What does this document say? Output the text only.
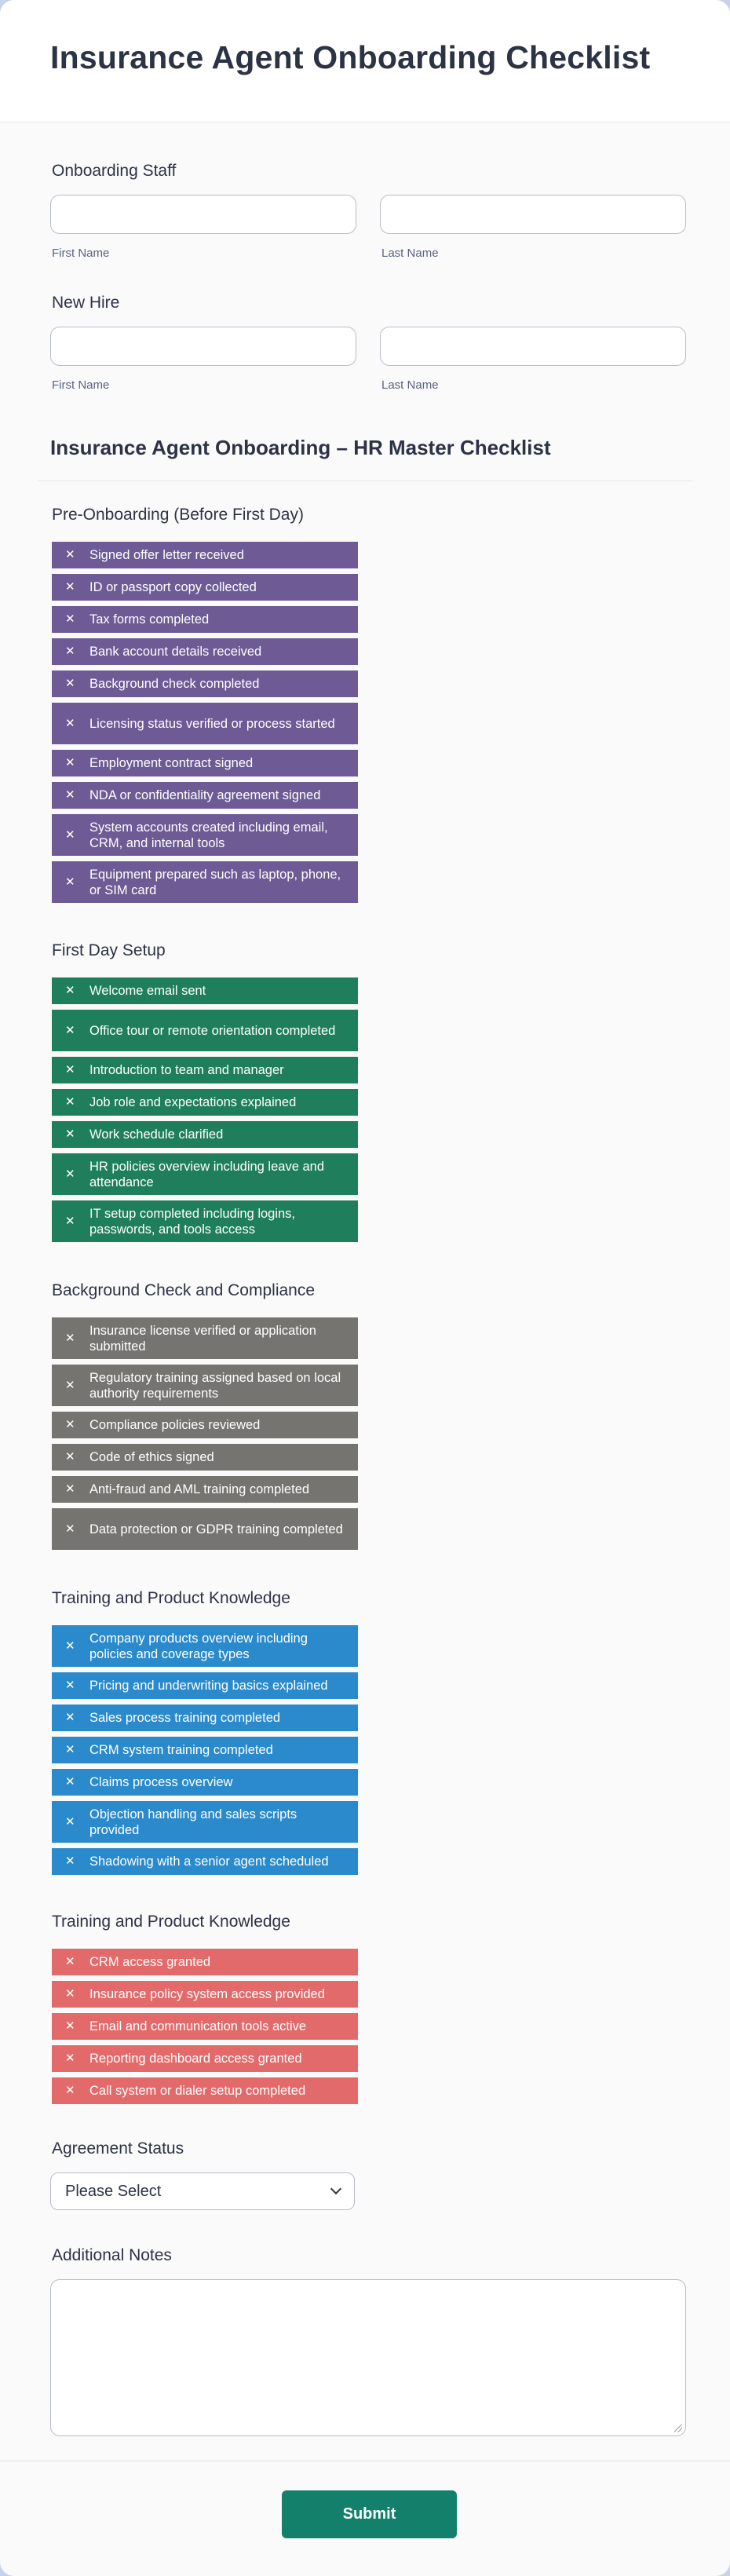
Insurance Agent Onboarding Checklist
Onboarding Staff
First Name	Last Name
New Hire
First Name	Last Name
Insurance Agent Onboarding – HR Master Checklist
Pre-Onboarding (Before First Day)
✕ Signed offer letter received
✕ ID or passport copy collected
✕ Tax forms completed
✕ Bank account details received
✕ Background check completed
✕ Licensing status verified or process started
✕ Employment contract signed
✕ NDA or confidentiality agreement signed
✕
System accounts created including email, CRM, and internal tools
✕
Equipment prepared such as laptop, phone, or SIM card
First Day Setup
✕ Welcome email sent
✕ Office tour or remote orientation completed
✕ Introduction to team and manager
✕ Job role and expectations explained
✕ Work schedule clarified
✕
HR policies overview including leave and attendance
✕
IT setup completed including logins, passwords, and tools access
Background Check and Compliance
✕
Insurance license verified or application submitted
✕
Regulatory training assigned based on local authority requirements
✕ Compliance policies reviewed
✕ Code of ethics signed
✕ Anti-fraud and AML training completed
✕ Data protection or GDPR training completed
Training and Product Knowledge
✕
Company products overview including policies and coverage types
✕ Pricing and underwriting basics explained
✕ Sales process training completed
✕ CRM system training completed
✕ Claims process overview
✕
Objection handling and sales scripts provided
✕ Shadowing with a senior agent scheduled
Training and Product Knowledge
✕ CRM access granted
✕ Insurance policy system access provided
✕ Email and communication tools active
✕ Reporting dashboard access granted
✕ Call system or dialer setup completed
Agreement Status
Please Select
Additional Notes
Submit
